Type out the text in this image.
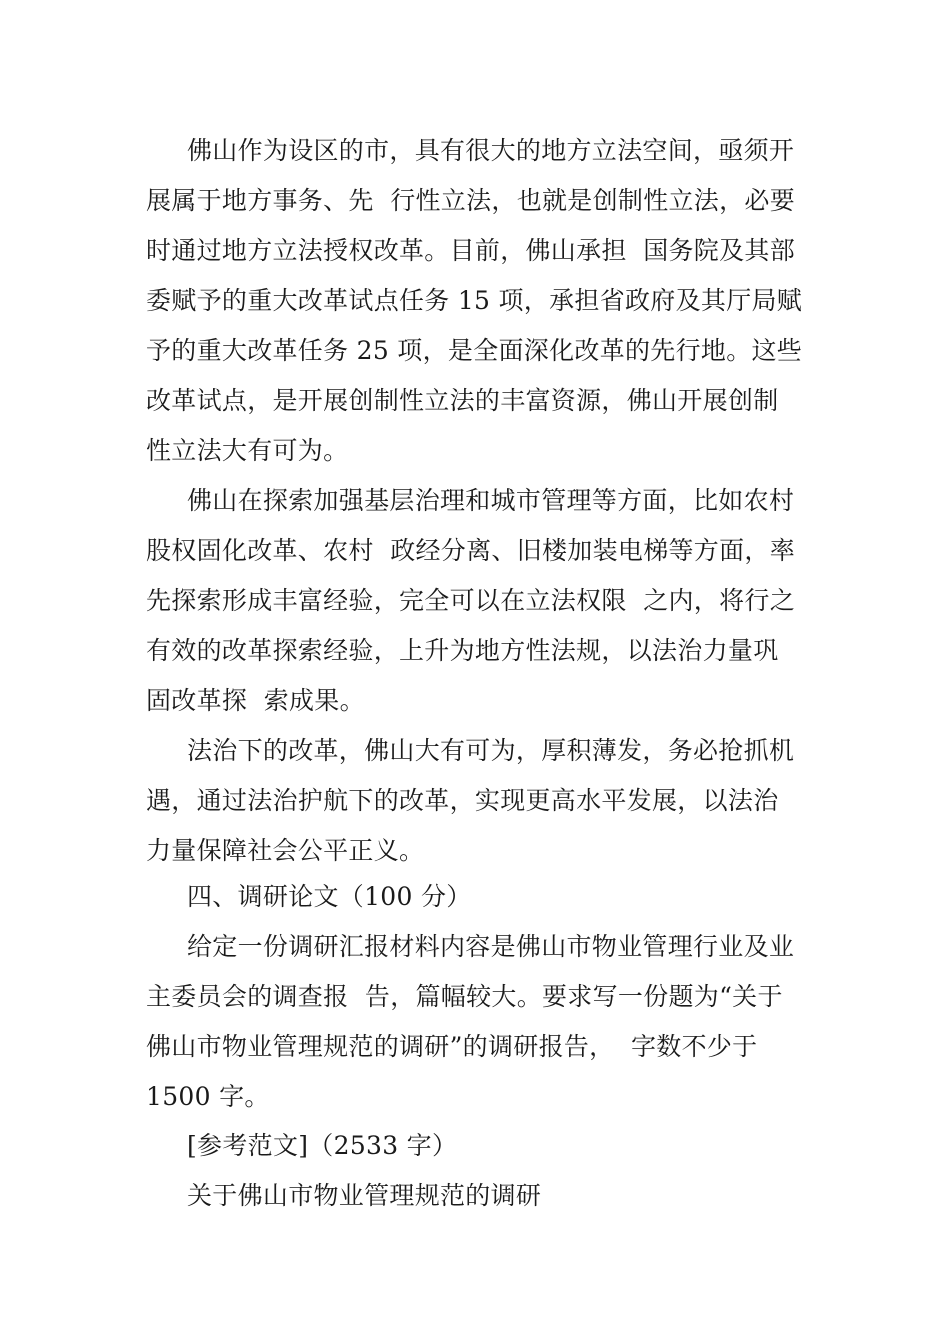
佛山作为设区的市，具有很大的地方立法空间，亟须开
展属于地方事务、先  行性立法，也就是创制性立法，必要
时通过地方立法授权改革。目前，佛山承担  国务院及其部
委赋予的重大改革试点任务 15 项，承担省政府及其厅局赋
予的重大改革任务 25 项，是全面深化改革的先行地。这些
改革试点，是开展创制性立法的丰富资源，佛山开展创制
性立法大有可为。
佛山在探索加强基层治理和城市管理等方面，比如农村
股权固化改革、农村  政经分离、旧楼加装电梯等方面，率
先探索形成丰富经验，完全可以在立法权限  之内，将行之
有效的改革探索经验，上升为地方性法规，以法治力量巩
固改革探  索成果。
法治下的改革，佛山大有可为，厚积薄发，务必抢抓机
遇，通过法治护航下的改革，实现更高水平发展，以法治
力量保障社会公平正义。
四、调研论文（100 分）
给定一份调研汇报材料内容是佛山市物业管理行业及业
主委员会的调查报  告，篇幅较大。要求写一份题为“关于
佛山市物业管理规范的调研”的调研报告，  字数不少于
1500 字。
[参考范文]（2533 字）
关于佛山市物业管理规范的调研
